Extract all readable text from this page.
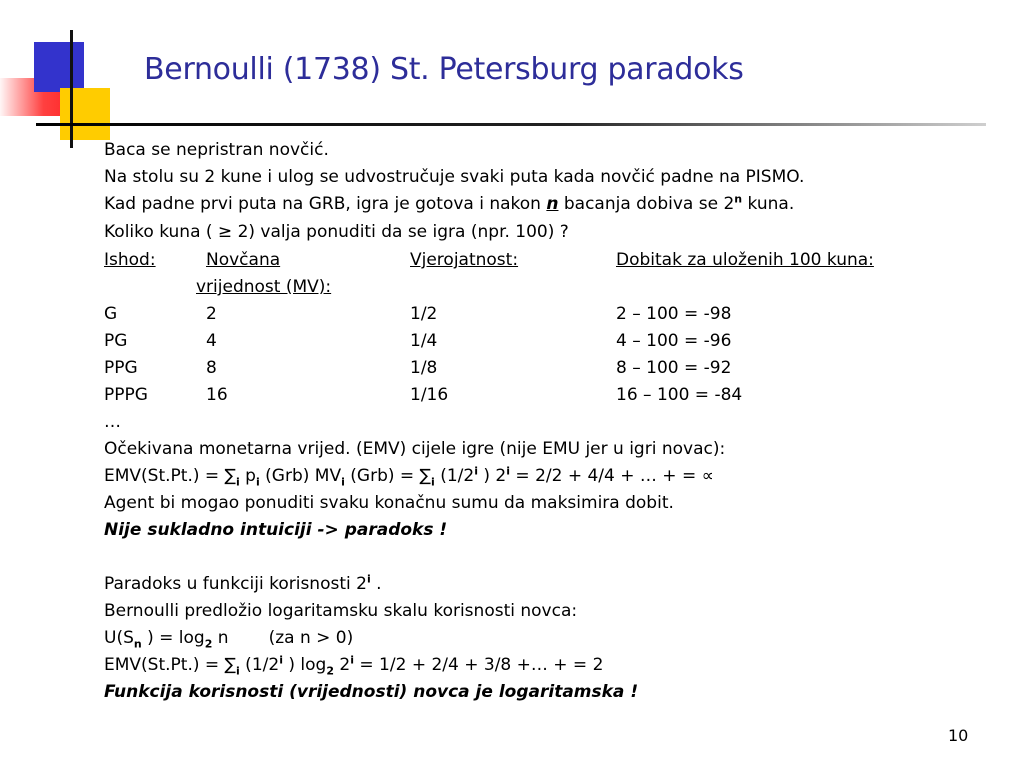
Bernoulli (1738) St. Petersburg paradoks
Baca se nepristran novčić.
Na stolu su 2 kune i ulog se udvostručuje svaki puta kada novčić padne na PISMO.
Kad padne prvi puta na GRB, igra je gotova i nakon n bacanja dobiva se 2$^n$ kuna.
Koliko kuna ( ≥ 2) valja ponuditi da se igra (npr. 100) ?
Ishod:	Novčana	Vjerojatnost:	Dobitak za uloženih 100 kuna:
vrijednost (MV):
G	2	1/2	2 – 100 = -98
PG	4	1/4	4 – 100 = -96
PPG	8	1/8	8 – 100 = -92
PPPG	16	1/16	16 – 100 = -84
…
Očekivana monetarna vrijed. (EMV) cijele igre (nije EMU jer u igri novac):
$EMV(St.Pt.) = \sum_i$ $p_i$ (Grb) $MV_i$ $(Grb) = \sum_i$ (1/2$^i$ ) $2^i = 2/2 + 4/4$ + … + = ∝
Agent bi mogao ponuditi svaku konačnu sumu da maksimira dobit.
Nije sukladno intuiciji -> paradoks !
Paradoks u funkciji korisnosti 2$^i$ .
Bernoulli predložio logaritamsku skalu korisnosti novca:
$U(S_n$ ) = $\log_2 n$ (za n > 0)
$EMV(St.Pt.) = \sum_i$ (1/2$^i$ ) $\log_2 2^i = 1/2 + 2/4 + 3/8$ +… + = 2
Funkcija korisnosti (vrijednosti) novca je logaritamska !
10
